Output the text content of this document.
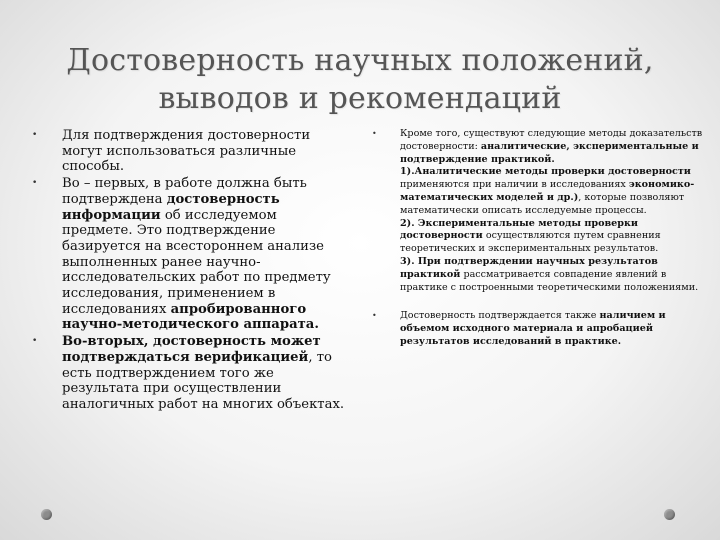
Достоверность научных положений,
выводов и рекомендаций
• Для подтверждения достоверности могут использоваться различные способы.
• Во – первых, в работе должна быть подтверждена достоверность информации об исследуемом предмете. Это подтверждение базируется на всестороннем анализе выполненных ранее научно-исследовательских работ по предмету исследования, применением в исследованиях апробированного научно-методического аппарата.
• Во-вторых, достоверность может подтверждаться верификацией, то есть подтверждением того же результата при осуществлении аналогичных работ на многих объектах.
• Кроме того, существуют следующие методы доказательств достоверности: аналитические, экспериментальные и подтверждение практикой.
1).Аналитические методы проверки достоверности применяются при наличии в исследованиях экономико-математических моделей и др.), которые позволяют математически описать исследуемые процессы.
2). Экспериментальные методы проверки достоверности осуществляются путем сравнения теоретических и экспериментальных результатов.
3). При подтверждении научных результатов практикой рассматривается совпадение явлений в практике с построенными теоретическими положениями.
• Достоверность подтверждается также наличием и объемом исходного материала и апробацией результатов исследований в практике.
